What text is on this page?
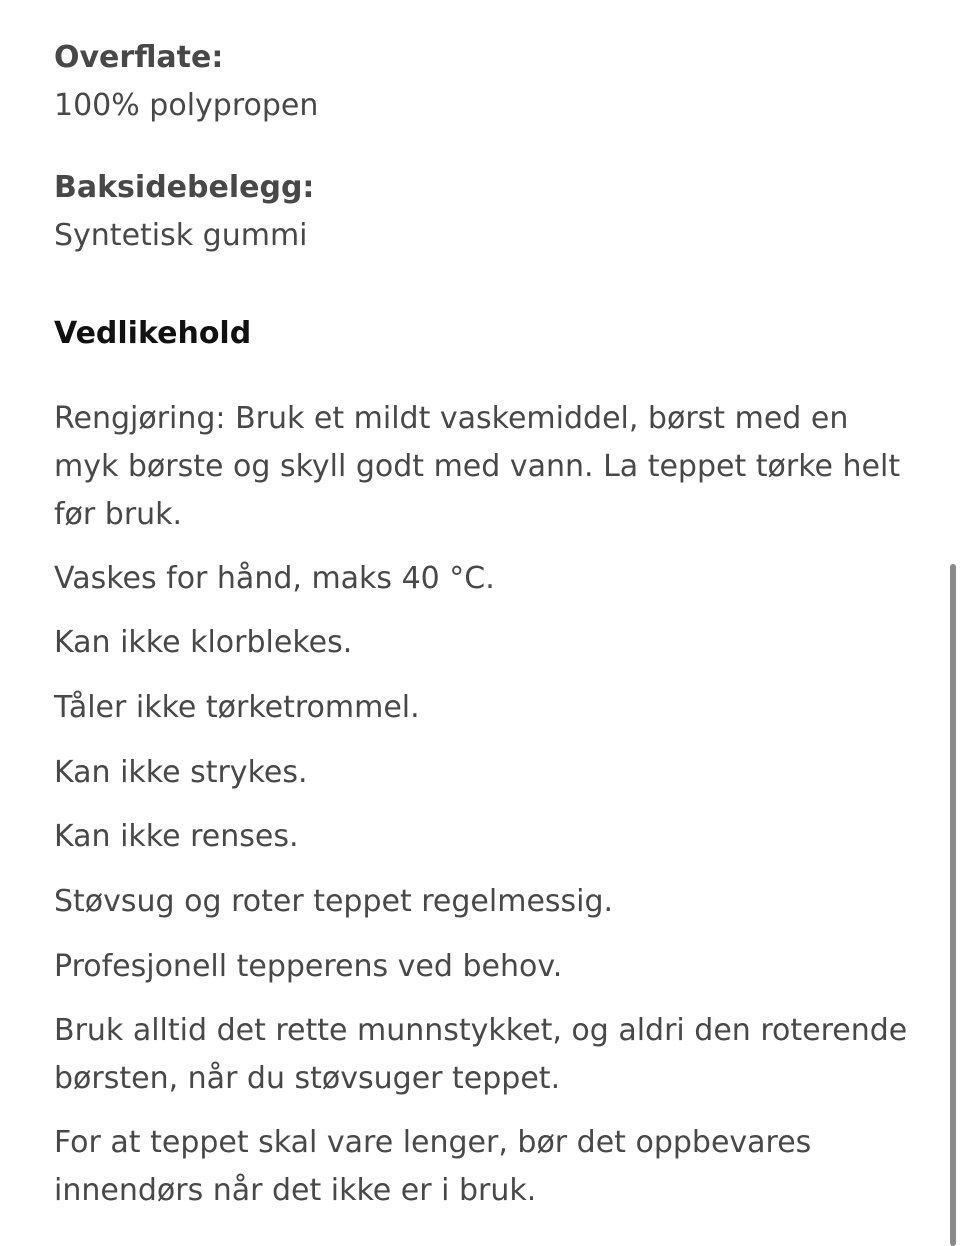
Overflate:

100% polypropen

Baksidebelegg:

Syntetisk gummi

Vedlikehold

Rengjøring: Bruk et mildt vaskemiddel, børst med en myk børste og skyll godt med vann. La teppet tørke helt før bruk.

Vaskes for hånd, maks 40 °C.

Kan ikke klorblekes.

Tåler ikke tørketrommel.

Kan ikke strykes.

Kan ikke renses.

Støvsug og roter teppet regelmessig.

Profesjonell tepperens ved behov.

Bruk alltid det rette munnstykket, og aldri den roterende børsten, når du støvsuger teppet.

For at teppet skal vare lenger, bør det oppbevares innendørs når det ikke er i bruk.
